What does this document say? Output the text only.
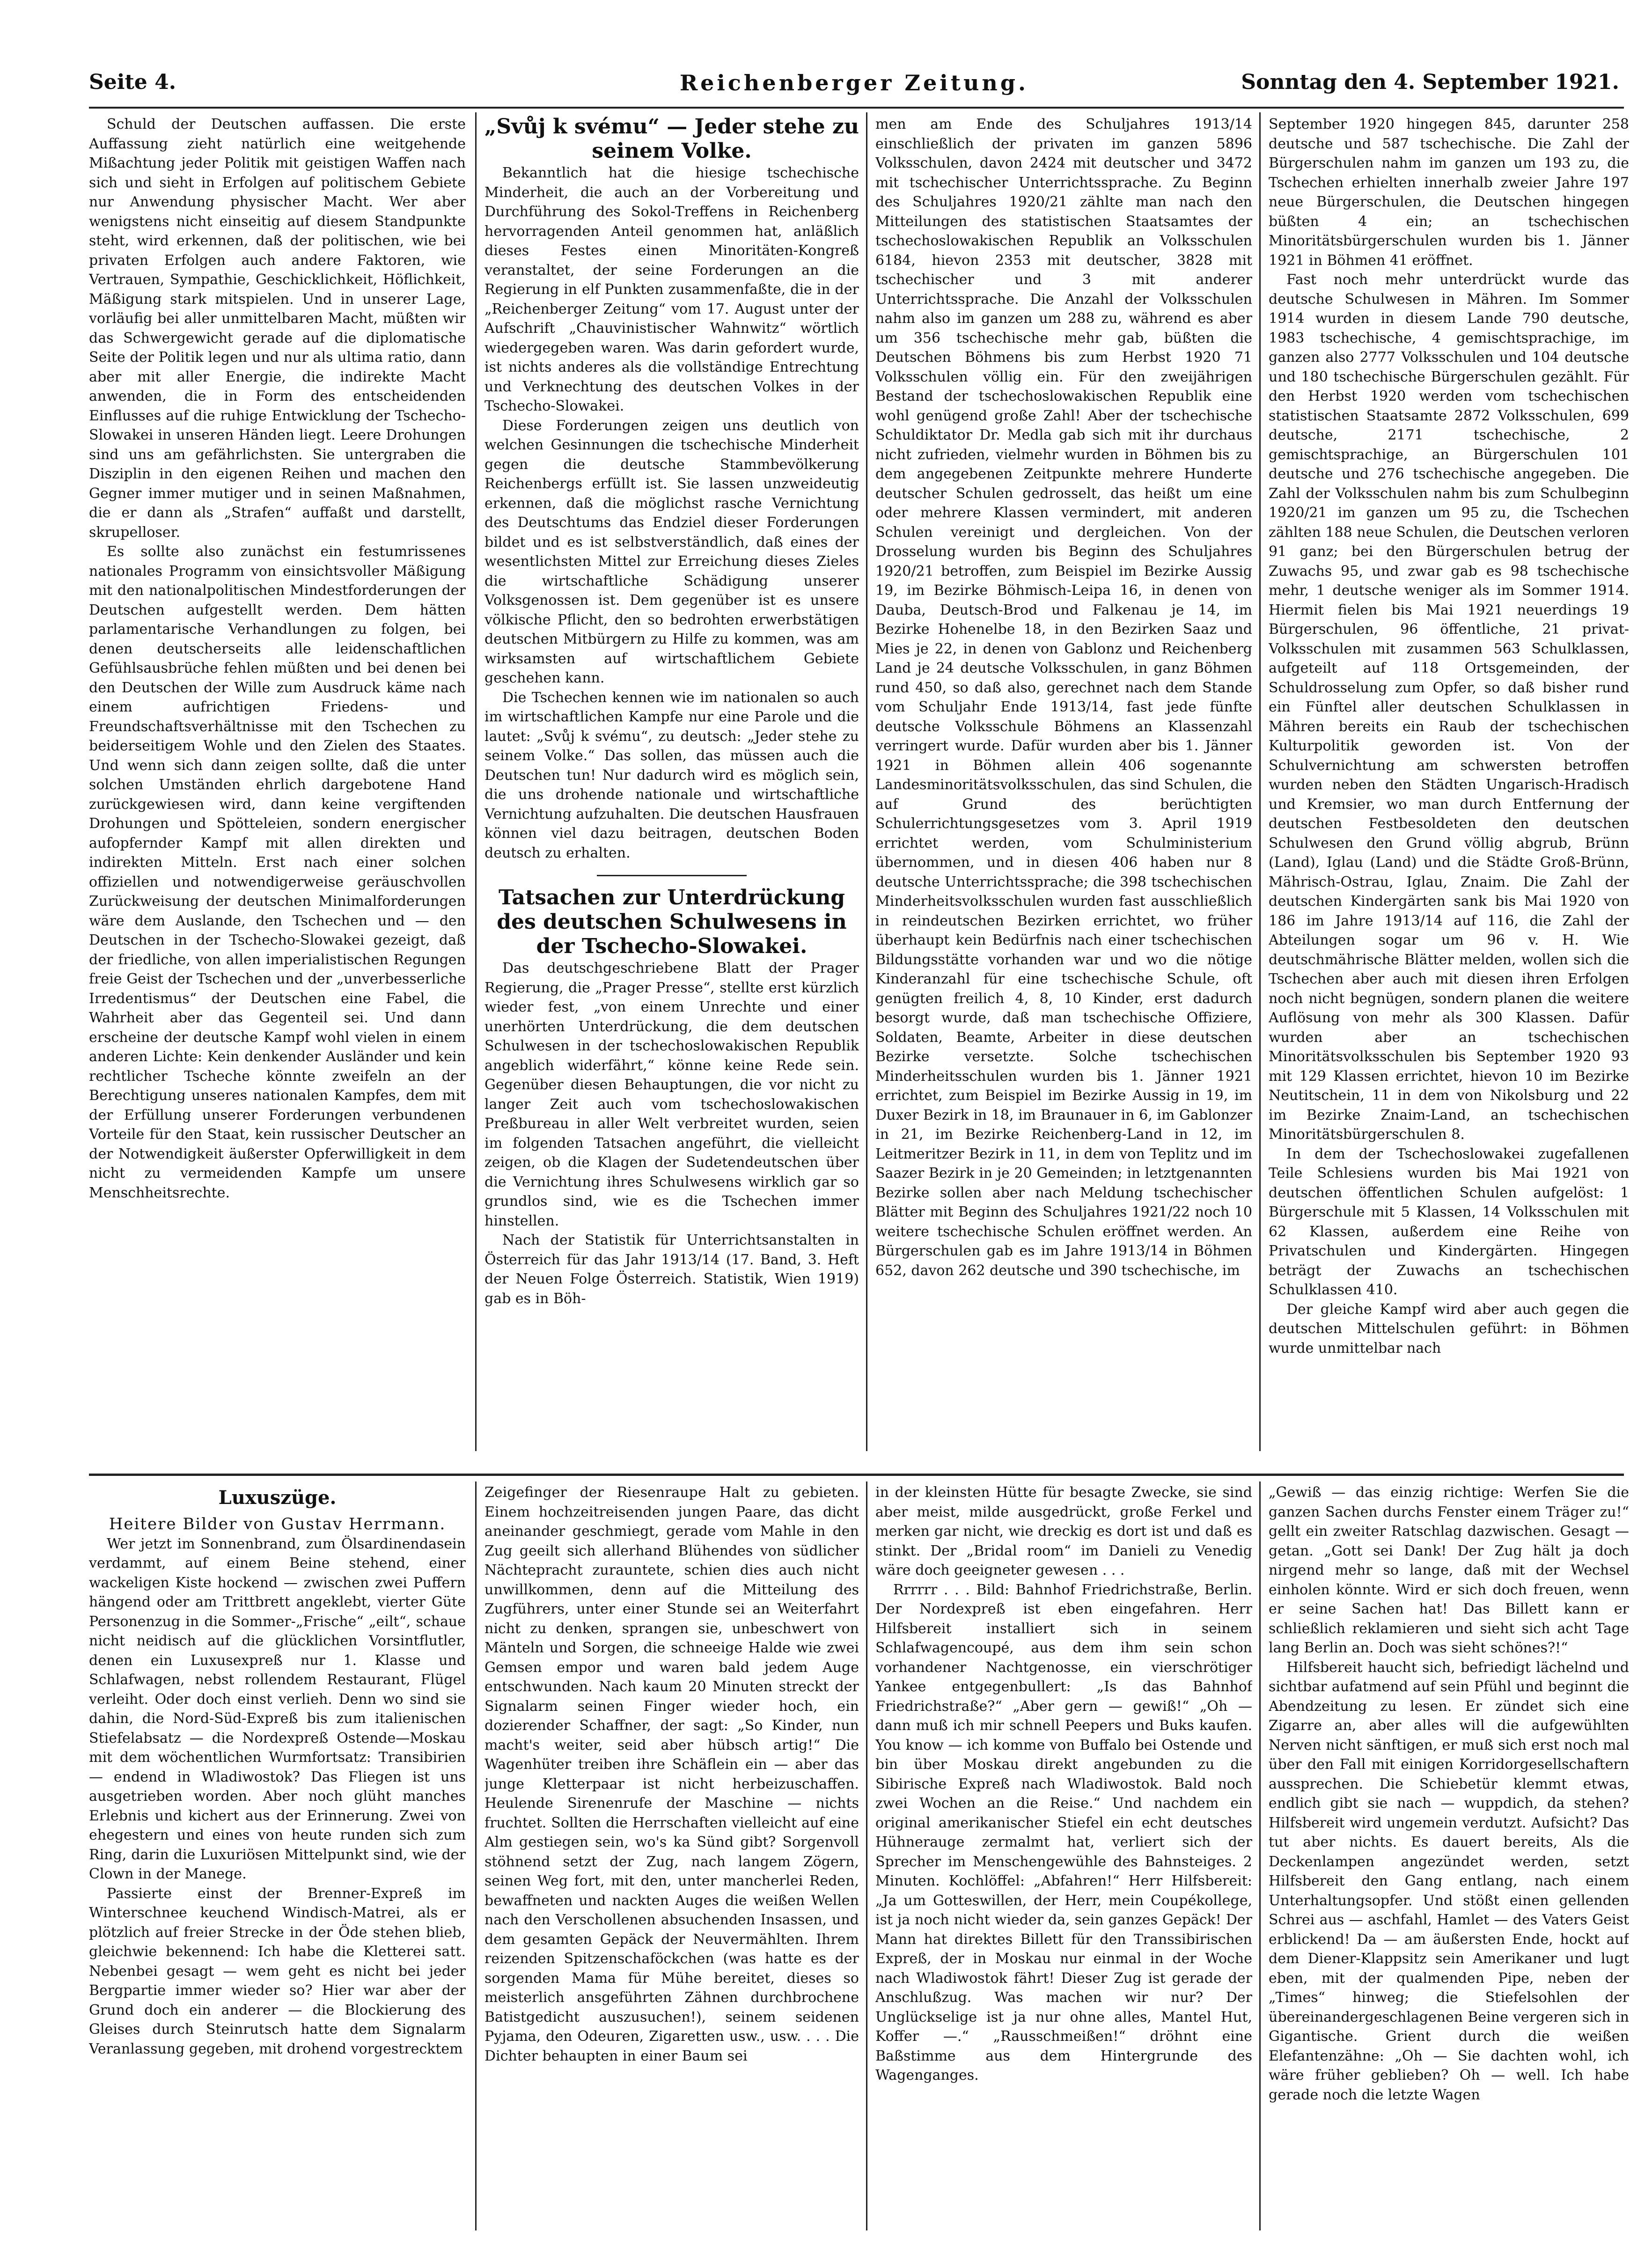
Seite 4.	Reichenberger Zeitung.	Sonntag den 4. September 1921.

Schuld der Deutschen auffassen. Die erste Auffassung zieht natürlich eine weitgehende Mißachtung jeder Politik mit geistigen Waffen nach sich und sieht in Erfolgen auf politischem Gebiete nur Anwendung physischer Macht. Wer aber wenigstens nicht einseitig auf diesem Standpunkte steht, wird erkennen, daß der politischen, wie bei privaten Erfolgen auch andere Faktoren, wie Vertrauen, Sympathie, Geschicklichkeit, Höflichkeit, Mäßigung stark mitspielen. Und in unserer Lage, vorläufig bei aller unmittelbaren Macht, müßten wir das Schwergewicht gerade auf die diplomatische Seite der Politik legen und nur als ultima ratio, dann aber mit aller Energie, die indirekte Macht anwenden, die in Form des entscheidenden Einflusses auf die ruhige Entwicklung der Tschecho-Slowakei in unseren Händen liegt. Leere Drohungen sind uns am gefährlichsten. Sie untergraben die Disziplin in den eigenen Reihen und machen den Gegner immer mutiger und in seinen Maßnahmen, die er dann als „Strafen“ auffaßt und darstellt, skrupelloser.

Es sollte also zunächst ein festumrissenes nationales Programm von einsichtsvoller Mäßigung mit den nationalpolitischen Mindestforderungen der Deutschen aufgestellt werden. Dem hätten parlamentarische Verhandlungen zu folgen, bei denen deutscherseits alle leidenschaftlichen Gefühlsausbrüche fehlen müßten und bei denen bei den Deutschen der Wille zum Ausdruck käme nach einem aufrichtigen Friedens- und Freundschaftsverhältnisse mit den Tschechen zu beiderseitigem Wohle und den Zielen des Staates. Und wenn sich dann zeigen sollte, daß die unter solchen Umständen ehrlich dargebotene Hand zurückgewiesen wird, dann keine vergiftenden Drohungen und Spötteleien, sondern energischer aufopfernder Kampf mit allen direkten und indirekten Mitteln. Erst nach einer solchen offiziellen und notwendigerweise geräuschvollen Zurückweisung der deutschen Minimalforderungen wäre dem Auslande, den Tschechen und — den Deutschen in der Tschecho-Slowakei gezeigt, daß der friedliche, von allen imperialistischen Regungen freie Geist der Tschechen und der „unverbesserliche Irredentismus“ der Deutschen eine Fabel, die Wahrheit aber das Gegenteil sei. Und dann erscheine der deutsche Kampf wohl vielen in einem anderen Lichte: Kein denkender Ausländer und kein rechtlicher Tscheche könnte zweifeln an der Berechtigung unseres nationalen Kampfes, dem mit der Erfüllung unserer Forderungen verbundenen Vorteile für den Staat, kein russischer Deutscher an der Notwendigkeit äußerster Opferwilligkeit in dem nicht zu vermeidenden Kampfe um unsere Menschheitsrechte.

„Svůj k svému“ — Jeder stehe zu seinem Volke.

Bekanntlich hat die hiesige tschechische Minderheit, die auch an der Vorbereitung und Durchführung des Sokol-Treffens in Reichenberg hervorragenden Anteil genommen hat, anläßlich dieses Festes einen Minoritäten-Kongreß veranstaltet, der seine Forderungen an die Regierung in elf Punkten zusammenfaßte, die in der „Reichenberger Zeitung“ vom 17. August unter der Aufschrift „Chauvinistischer Wahnwitz“ wörtlich wiedergegeben waren. Was darin gefordert wurde, ist nichts anderes als die vollständige Entrechtung und Verknechtung des deutschen Volkes in der Tschecho-Slowakei.

Diese Forderungen zeigen uns deutlich von welchen Gesinnungen die tschechische Minderheit gegen die deutsche Stammbevölkerung Reichenbergs erfüllt ist. Sie lassen unzweideutig erkennen, daß die möglichst rasche Vernichtung des Deutschtums das Endziel dieser Forderungen bildet und es ist selbstverständlich, daß eines der wesentlichsten Mittel zur Erreichung dieses Zieles die wirtschaftliche Schädigung unserer Volksgenossen ist. Dem gegenüber ist es unsere völkische Pflicht, den so bedrohten erwerbstätigen deutschen Mitbürgern zu Hilfe zu kommen, was am wirksamsten auf wirtschaftlichem Gebiete geschehen kann.

Die Tschechen kennen wie im nationalen so auch im wirtschaftlichen Kampfe nur eine Parole und die lautet: „Svůj k svému“, zu deutsch: „Jeder stehe zu seinem Volke.“ Das sollen, das müssen auch die Deutschen tun! Nur dadurch wird es möglich sein, die uns drohende nationale und wirtschaftliche Vernichtung aufzuhalten. Die deutschen Hausfrauen können viel dazu beitragen, deutschen Boden deutsch zu erhalten.

Tatsachen zur Unterdrückung des deutschen Schulwesens in der Tschecho-Slowakei.

Das deutschgeschriebene Blatt der Prager Regierung, die „Prager Presse“, stellte erst kürzlich wieder fest, „von einem Unrechte und einer unerhörten Unterdrückung, die dem deutschen Schulwesen in der tschechoslowakischen Republik angeblich widerfährt,“ könne keine Rede sein. Gegenüber diesen Behauptungen, die vor nicht zu langer Zeit auch vom tschechoslowakischen Preßbureau in aller Welt verbreitet wurden, seien im folgenden Tatsachen angeführt, die vielleicht zeigen, ob die Klagen der Sudetendeutschen über die Vernichtung ihres Schulwesens wirklich gar so grundlos sind, wie es die Tschechen immer hinstellen.

Nach der Statistik für Unterrichtsanstalten in Österreich für das Jahr 1913/14 (17. Band, 3. Heft der Neuen Folge Österreich. Statistik, Wien 1919) gab es in Böh-

men am Ende des Schuljahres 1913/14 einschließlich der privaten im ganzen 5896 Volksschulen, davon 2424 mit deutscher und 3472 mit tschechischer Unterrichtssprache. Zu Beginn des Schuljahres 1920/21 zählte man nach den Mitteilungen des statistischen Staatsamtes der tschechoslowakischen Republik an Volksschulen 6184, hievon 2353 mit deutscher, 3828 mit tschechischer und 3 mit anderer Unterrichtssprache. Die Anzahl der Volksschulen nahm also im ganzen um 288 zu, während es aber um 356 tschechische mehr gab, büßten die Deutschen Böhmens bis zum Herbst 1920 71 Volksschulen völlig ein. Für den zweijährigen Bestand der tschechoslowakischen Republik eine wohl genügend große Zahl! Aber der tschechische Schuldiktator Dr. Medla gab sich mit ihr durchaus nicht zufrieden, vielmehr wurden in Böhmen bis zu dem angegebenen Zeitpunkte mehrere Hunderte deutscher Schulen gedrosselt, das heißt um eine oder mehrere Klassen vermindert, mit anderen Schulen vereinigt und dergleichen. Von der Drosselung wurden bis Beginn des Schuljahres 1920/21 betroffen, zum Beispiel im Bezirke Aussig 19, im Bezirke Böhmisch-Leipa 16, in denen von Dauba, Deutsch-Brod und Falkenau je 14, im Bezirke Hohenelbe 18, in den Bezirken Saaz und Mies je 22, in denen von Gablonz und Reichenberg Land je 24 deutsche Volksschulen, in ganz Böhmen rund 450, so daß also, gerechnet nach dem Stande vom Schuljahr Ende 1913/14, fast jede fünfte deutsche Volksschule Böhmens an Klassenzahl verringert wurde. Dafür wurden aber bis 1. Jänner 1921 in Böhmen allein 406 sogenannte Landesminoritätsvolksschulen, das sind Schulen, die auf Grund des berüchtigten Schulerrichtungsgesetzes vom 3. April 1919 errichtet werden, vom Schulministerium übernommen, und in diesen 406 haben nur 8 deutsche Unterrichtssprache; die 398 tschechischen Minderheitsvolksschulen wurden fast ausschließlich in reindeutschen Bezirken errichtet, wo früher überhaupt kein Bedürfnis nach einer tschechischen Bildungsstätte vorhanden war und wo die nötige Kinderanzahl für eine tschechische Schule, oft genügten freilich 4, 8, 10 Kinder, erst dadurch besorgt wurde, daß man tschechische Offiziere, Soldaten, Beamte, Arbeiter in diese deutschen Bezirke versetzte. Solche tschechischen Minderheitsschulen wurden bis 1. Jänner 1921 errichtet, zum Beispiel im Bezirke Aussig in 19, im Duxer Bezirk in 18, im Braunauer in 6, im Gablonzer in 21, im Bezirke Reichenberg-Land in 12, im Leitmeritzer Bezirk in 11, in dem von Teplitz und im Saazer Bezirk in je 20 Gemeinden; in letztgenannten Bezirke sollen aber nach Meldung tschechischer Blätter mit Beginn des Schuljahres 1921/22 noch 10 weitere tschechische Schulen eröffnet werden. An Bürgerschulen gab es im Jahre 1913/14 in Böhmen 652, davon 262 deutsche und 390 tschechische, im

September 1920 hingegen 845, darunter 258 deutsche und 587 tschechische. Die Zahl der Bürgerschulen nahm im ganzen um 193 zu, die Tschechen erhielten innerhalb zweier Jahre 197 neue Bürgerschulen, die Deutschen hingegen büßten 4 ein; an tschechischen Minoritätsbürgerschulen wurden bis 1. Jänner 1921 in Böhmen 41 eröffnet.

Fast noch mehr unterdrückt wurde das deutsche Schulwesen in Mähren. Im Sommer 1914 wurden in diesem Lande 790 deutsche, 1983 tschechische, 4 gemischtsprachige, im ganzen also 2777 Volksschulen und 104 deutsche und 180 tschechische Bürgerschulen gezählt. Für den Herbst 1920 werden vom tschechischen statistischen Staatsamte 2872 Volksschulen, 699 deutsche, 2171 tschechische, 2 gemischtsprachige, an Bürgerschulen 101 deutsche und 276 tschechische angegeben. Die Zahl der Volksschulen nahm bis zum Schulbeginn 1920/21 im ganzen um 95 zu, die Tschechen zählten 188 neue Schulen, die Deutschen verloren 91 ganz; bei den Bürgerschulen betrug der Zuwachs 95, und zwar gab es 98 tschechische mehr, 1 deutsche weniger als im Sommer 1914. Hiermit fielen bis Mai 1921 neuerdings 19 Bürgerschulen, 96 öffentliche, 21 privat-Volksschulen mit zusammen 563 Schulklassen, aufgeteilt auf 118 Ortsgemeinden, der Schuldrosselung zum Opfer, so daß bisher rund ein Fünftel aller deutschen Schulklassen in Mähren bereits ein Raub der tschechischen Kulturpolitik geworden ist. Von der Schulvernichtung am schwersten betroffen wurden neben den Städten Ungarisch-Hradisch und Kremsier, wo man durch Entfernung der deutschen Festbesoldeten den deutschen Schulwesen den Grund völlig abgrub, Brünn (Land), Iglau (Land) und die Städte Groß-Brünn, Mährisch-Ostrau, Iglau, Znaim. Die Zahl der deutschen Kindergärten sank bis Mai 1920 von 186 im Jahre 1913/14 auf 116, die Zahl der Abteilungen sogar um 96 v. H. Wie deutschmährische Blätter melden, wollen sich die Tschechen aber auch mit diesen ihren Erfolgen noch nicht begnügen, sondern planen die weitere Auflösung von mehr als 300 Klassen. Dafür wurden aber an tschechischen Minoritätsvolksschulen bis September 1920 93 mit 129 Klassen errichtet, hievon 10 im Bezirke Neutitschein, 11 in dem von Nikolsburg und 22 im Bezirke Znaim-Land, an tschechischen Minoritätsbürgerschulen 8.

In dem der Tschechoslowakei zugefallenen Teile Schlesiens wurden bis Mai 1921 von deutschen öffentlichen Schulen aufgelöst: 1 Bürgerschule mit 5 Klassen, 14 Volksschulen mit 62 Klassen, außerdem eine Reihe von Privatschulen und Kindergärten. Hingegen beträgt der Zuwachs an tschechischen Schulklassen 410.

Der gleiche Kampf wird aber auch gegen die deutschen Mittelschulen geführt: in Böhmen wurde unmittelbar nach

Luxuszüge.

Heitere Bilder von Gustav Herrmann.

Wer jetzt im Sonnenbrand, zum Ölsardinendasein verdammt, auf einem Beine stehend, einer wackeligen Kiste hockend — zwischen zwei Puffern hängend oder am Trittbrett angeklebt, vierter Güte Personenzug in die Sommer-„Frische“ „eilt“, schaue nicht neidisch auf die glücklichen Vorsintflutler, denen ein Luxusexpreß nur 1. Klasse und Schlafwagen, nebst rollendem Restaurant, Flügel verleiht. Oder doch einst verlieh. Denn wo sind sie dahin, die Nord-Süd-Expreß bis zum italienischen Stiefelabsatz — die Nordexpreß Ostende—Moskau mit dem wöchentlichen Wurmfortsatz: Transibirien — endend in Wladiwostok? Das Fliegen ist uns ausgetrieben worden. Aber noch glüht manches Erlebnis und kichert aus der Erinnerung. Zwei von ehegestern und eines von heute runden sich zum Ring, darin die Luxuriösen Mittelpunkt sind, wie der Clown in der Manege.

Passierte einst der Brenner-Expreß im Winterschnee keuchend Windisch-Matrei, als er plötzlich auf freier Strecke in der Öde stehen blieb, gleichwie bekennend: Ich habe die Kletterei satt. Nebenbei gesagt — wem geht es nicht bei jeder Bergpartie immer wieder so? Hier war aber der Grund doch ein anderer — die Blockierung des Gleises durch Steinrutsch hatte dem Signalarm Veranlassung gegeben, mit drohend vorgestrecktem

Zeigefinger der Riesenraupe Halt zu gebieten. Einem hochzeitreisenden jungen Paare, das dicht aneinander geschmiegt, gerade vom Mahle in den Zug geeilt sich allerhand Blühendes von südlicher Nächtepracht zurauntete, schien dies auch nicht unwillkommen, denn auf die Mitteilung des Zugführers, unter einer Stunde sei an Weiterfahrt nicht zu denken, sprangen sie, unbeschwert von Mänteln und Sorgen, die schneeige Halde wie zwei Gemsen empor und waren bald jedem Auge entschwunden. Nach kaum 20 Minuten streckt der Signalarm seinen Finger wieder hoch, ein dozierender Schaffner, der sagt: „So Kinder, nun macht's weiter, seid aber hübsch artig!“ Die Wagenhüter treiben ihre Schäflein ein — aber das junge Kletterpaar ist nicht herbeizuschaffen. Heulende Sirenenrufe der Maschine — nichts fruchtet. Sollten die Herrschaften vielleicht auf eine Alm gestiegen sein, wo's ka Sünd gibt? Sorgenvoll stöhnend setzt der Zug, nach langem Zögern, seinen Weg fort, mit den, unter mancherlei Reden, bewaffneten und nackten Auges die weißen Wellen nach den Verschollenen absuchenden Insassen, und dem gesamten Gepäck der Neuvermählten. Ihrem reizenden Spitzenschaföckchen (was hatte es der sorgenden Mama für Mühe bereitet, dieses so meisterlich ansgeführten Zähnen durchbrochene Batistgedicht auszusuchen!), seinem seidenen Pyjama, den Odeuren, Zigaretten usw., usw. . . . Die Dichter behaupten in einer Baum sei

in der kleinsten Hütte für besagte Zwecke, sie sind aber meist, milde ausgedrückt, große Ferkel und merken gar nicht, wie dreckig es dort ist und daß es stinkt. Der „Bridal room“ im Danieli zu Venedig wäre doch geeigneter gewesen . . .

Rrrrrr . . . Bild: Bahnhof Friedrichstraße, Berlin. Der Nordexpreß ist eben eingefahren. Herr Hilfsbereit installiert sich in seinem Schlafwagencoupé, aus dem ihm sein schon vorhandener Nachtgenosse, ein vierschrötiger Yankee entgegenbullert: „Is das Bahnhof Friedrichstraße?“ „Aber gern — gewiß!“ „Oh — dann muß ich mir schnell Peepers und Buks kaufen. You know — ich komme von Buffalo bei Ostende und bin über Moskau direkt angebunden zu die Sibirische Expreß nach Wladiwostok. Bald noch zwei Wochen an die Reise.“ Und nachdem ein original amerikanischer Stiefel ein echt deutsches Hühnerauge zermalmt hat, verliert sich der Sprecher im Menschengewühle des Bahnsteiges. 2 Minuten. Kochlöffel: „Abfahren!“ Herr Hilfsbereit: „Ja um Gotteswillen, der Herr, mein Coupékollege, ist ja noch nicht wieder da, sein ganzes Gepäck! Der Mann hat direktes Billett für den Transsibirischen Expreß, der in Moskau nur einmal in der Woche nach Wladiwostok fährt! Dieser Zug ist gerade der Anschlußzug. Was machen wir nur? Der Unglückselige ist ja nur ohne alles, Mantel Hut, Koffer —.“ „Rausschmeißen!“ dröhnt eine Baßstimme aus dem Hintergrunde des Wagenganges.

„Gewiß — das einzig richtige: Werfen Sie die ganzen Sachen durchs Fenster einem Träger zu!“ gellt ein zweiter Ratschlag dazwischen. Gesagt — getan. „Gott sei Dank! Der Zug hält ja doch nirgend mehr so lange, daß mit der Wechsel einholen könnte. Wird er sich doch freuen, wenn er seine Sachen hat! Das Billett kann er schließlich reklamieren und sieht sich acht Tage lang Berlin an. Doch was sieht schönes?!“

Hilfsbereit haucht sich, befriedigt lächelnd und sichtbar aufatmend auf sein Pfühl und beginnt die Abendzeitung zu lesen. Er zündet sich eine Zigarre an, aber alles will die aufgewühlten Nerven nicht sänftigen, er muß sich erst noch mal über den Fall mit einigen Korridorgesellschaftern aussprechen. Die Schiebetür klemmt etwas, endlich gibt sie nach — wuppdich, da stehen? Hilfsbereit wird ungemein verdutzt. Aufsicht? Das tut aber nichts. Es dauert bereits, Als die Deckenlampen angezündet werden, setzt Hilfsbereit den Gang entlang, nach einem Unterhaltungsopfer. Und stößt einen gellenden Schrei aus — aschfahl, Hamlet — des Vaters Geist erblickend! Da — am äußersten Ende, hockt auf dem Diener-Klappsitz sein Amerikaner und lugt eben, mit der qualmenden Pipe, neben der „Times“ hinweg; die Stiefelsohlen der übereinandergeschlagenen Beine vergeren sich in Gigantische. Grient durch die weißen Elefantenzähne: „Oh — Sie dachten wohl, ich wäre früher geblieben? Oh — well. Ich habe gerade noch die letzte Wagen
